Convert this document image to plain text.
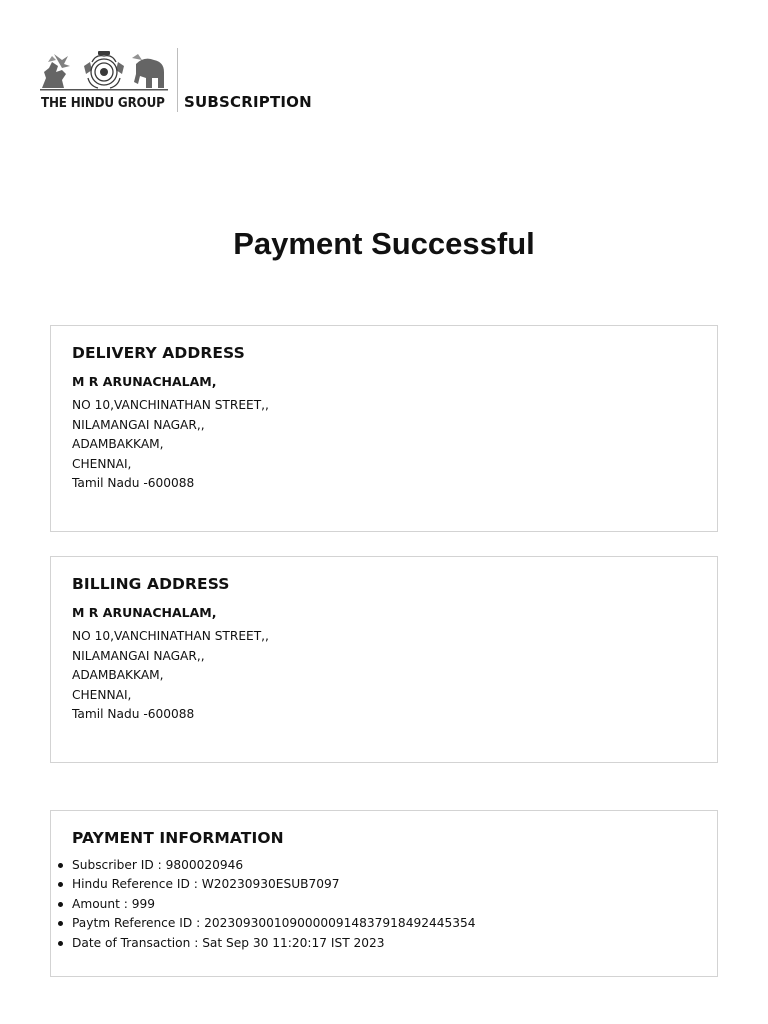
THE HINDU GROUP SUBSCRIPTION
Payment Successful
DELIVERY ADDRESS
M R ARUNACHALAM,
NO 10,VANCHINATHAN STREET,,
NILAMANGAI NAGAR,,
ADAMBAKKAM,
CHENNAI,
Tamil Nadu -600088
BILLING ADDRESS
M R ARUNACHALAM,
NO 10,VANCHINATHAN STREET,,
NILAMANGAI NAGAR,,
ADAMBAKKAM,
CHENNAI,
Tamil Nadu -600088
PAYMENT INFORMATION
Subscriber ID : 9800020946
Hindu Reference ID : W20230930ESUB7097
Amount : 999
Paytm Reference ID : 20230930010900000914837918492445354
Date of Transaction : Sat Sep 30 11:20:17 IST 2023
